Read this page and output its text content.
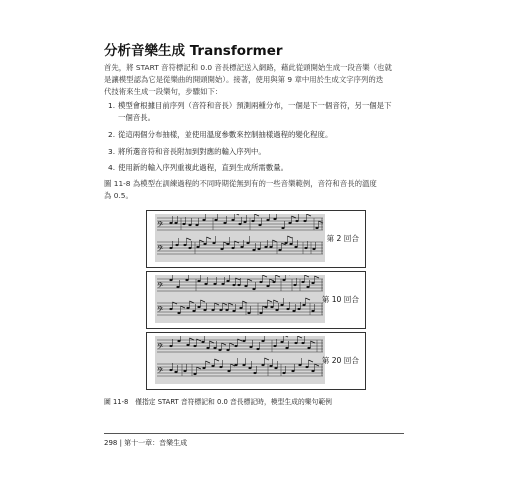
分析音樂生成 Transformer
首先，將 START 音符標記和 0.0 音長標記送入網路，藉此從頭開始生成一段音樂（也就
是讓模型認為它是從樂曲的開頭開始）。接著，使用與第 9 章中用於生成文字序列的迭
代技術來生成一段樂句，步驟如下：
1. 模型會根據目前序列（音符和音長）預測兩種分布，一個是下一個音符，另一個是下
一個音長。
2. 從這兩個分布抽樣，並使用溫度參數來控制抽樣過程的變化程度。
3. 將所選音符和音長附加到對應的輸入序列中。
4. 使用新的輸入序列重複此過程，直到生成所需數量。
圖 11-8 為模型在訓練過程的不同時期從無到有的一些音樂範例，音符和音長的溫度
為 0.5。
𝄢
𝄢
第 2 回合
𝄢
𝄢
第 10 回合
𝄢
𝄢
第 20 回合
圖 11-8　僅指定 START 音符標記和 0.0 音長標記時，模型生成的樂句範例
298 | 第十一章：音樂生成
